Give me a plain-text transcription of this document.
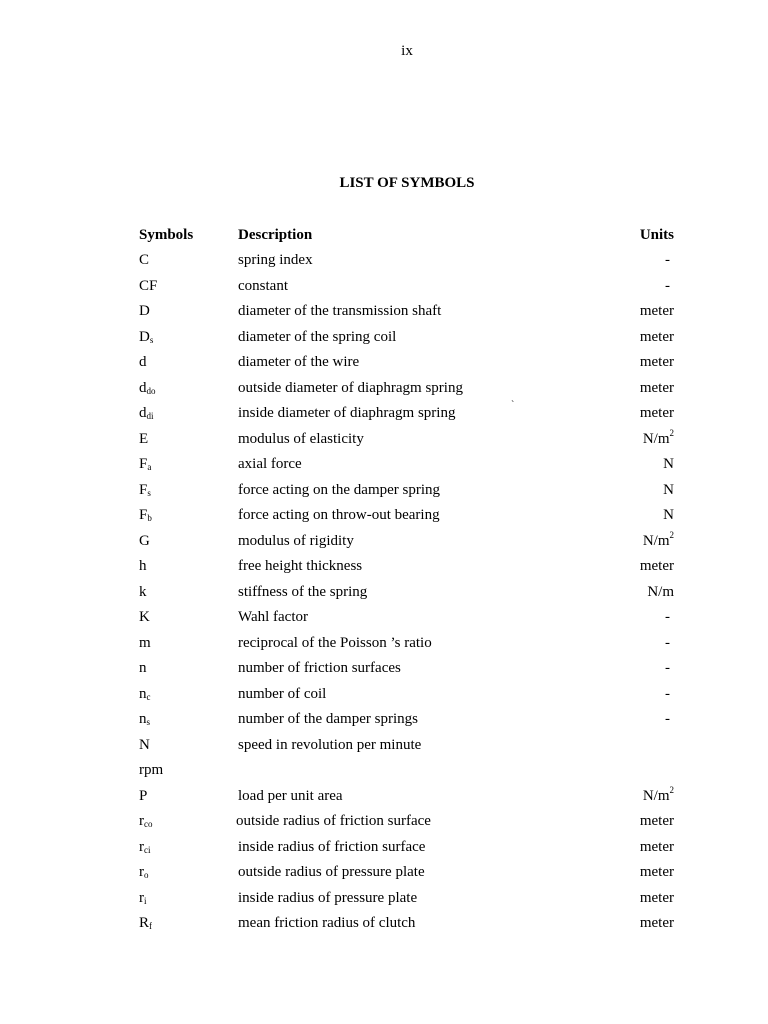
ix
LIST OF SYMBOLS
Symbols	Description	Units
C	spring index	-
CF	constant	-
D	diameter of the transmission shaft	meter
$D_s$	diameter of the spring coil	meter
d	diameter of the wire	meter
$d_{do}$	outside diameter of diaphragm spring	meter
$d_{di}$	inside diameter of diaphragm spring	meter
E	modulus of elasticity	$N/m^2$
$F_a$	axial force	N
$F_s$	force acting on the damper spring	N
$F_b$	force acting on throw-out bearing	N
G	modulus of rigidity	$N/m^2$
h	free height thickness	meter
k	stiffness of the spring	N/m
K	Wahl factor	-
m	reciprocal of the Poisson ’s ratio	-
n	number of friction surfaces	-
$n_c$	number of coil	-
$n_s$	number of the damper springs	-
N	speed in revolution per minute
rpm
P	load per unit area	$N/m^2$
$r_{co}$	outside radius of friction surface	meter
$r_{ci}$	inside radius of friction surface	meter
$r_o$	outside radius of pressure plate	meter
$r_i$	inside radius of pressure plate	meter
$R_f$	mean friction radius of clutch	meter
`
